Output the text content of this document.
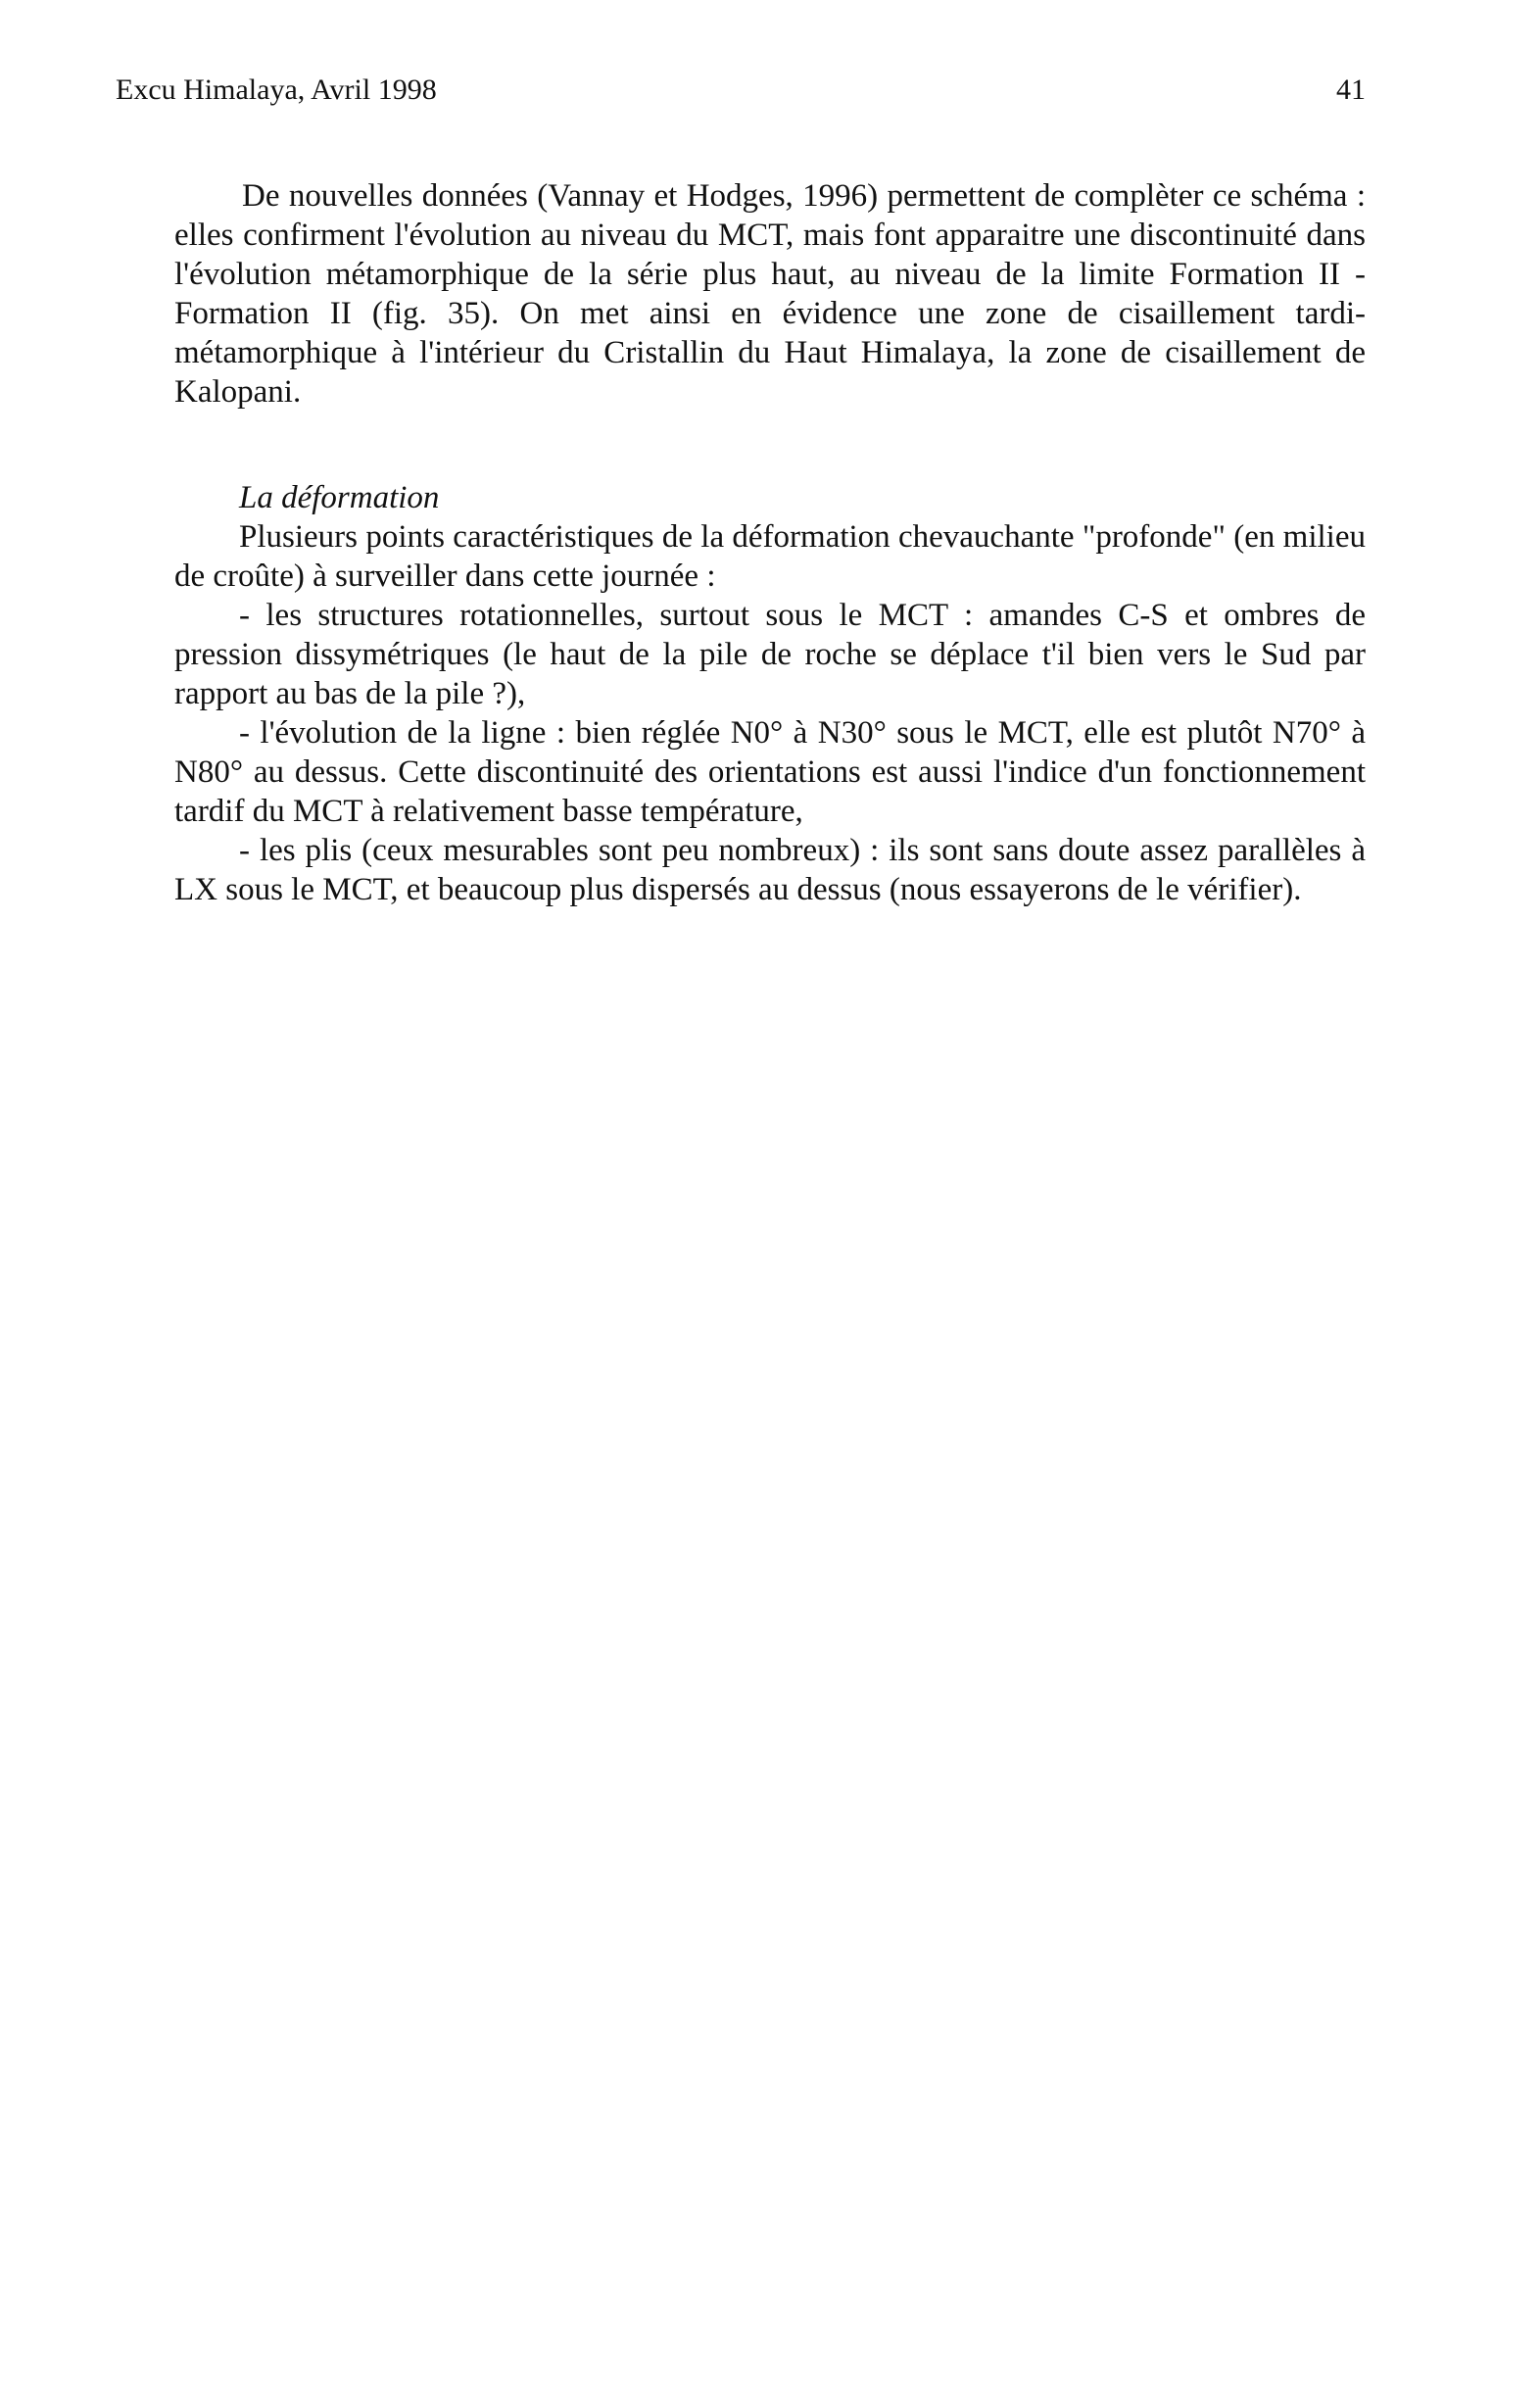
Excu Himalaya, Avril 1998	41

De nouvelles données (Vannay et Hodges, 1996) permettent de complèter ce schéma : elles confirment l'évolution au niveau du MCT, mais font apparaitre une discontinuité dans l'évolution métamorphique de la série plus haut, au niveau de la limite Formation II - Formation II (fig. 35). On met ainsi en évidence une zone de cisaillement tardi-métamorphique à l'intérieur du Cristallin du Haut Himalaya, la zone de cisaillement de Kalopani.

La déformation

Plusieurs points caractéristiques de la déformation chevauchante "profonde" (en milieu de croûte) à surveiller dans cette journée :

- les structures rotationnelles, surtout sous le MCT : amandes C-S et ombres de pression dissymétriques (le haut de la pile de roche se déplace t'il bien vers le Sud par rapport au bas de la pile ?),

- l'évolution de la ligne : bien réglée N0° à N30° sous le MCT, elle est plutôt N70° à N80° au dessus. Cette discontinuité des orientations est aussi l'indice d'un fonctionnement tardif du MCT à relativement basse température,

- les plis (ceux mesurables sont peu nombreux) : ils sont sans doute assez parallèles à LX sous le MCT, et beaucoup plus dispersés au dessus (nous essayerons de le vérifier).
